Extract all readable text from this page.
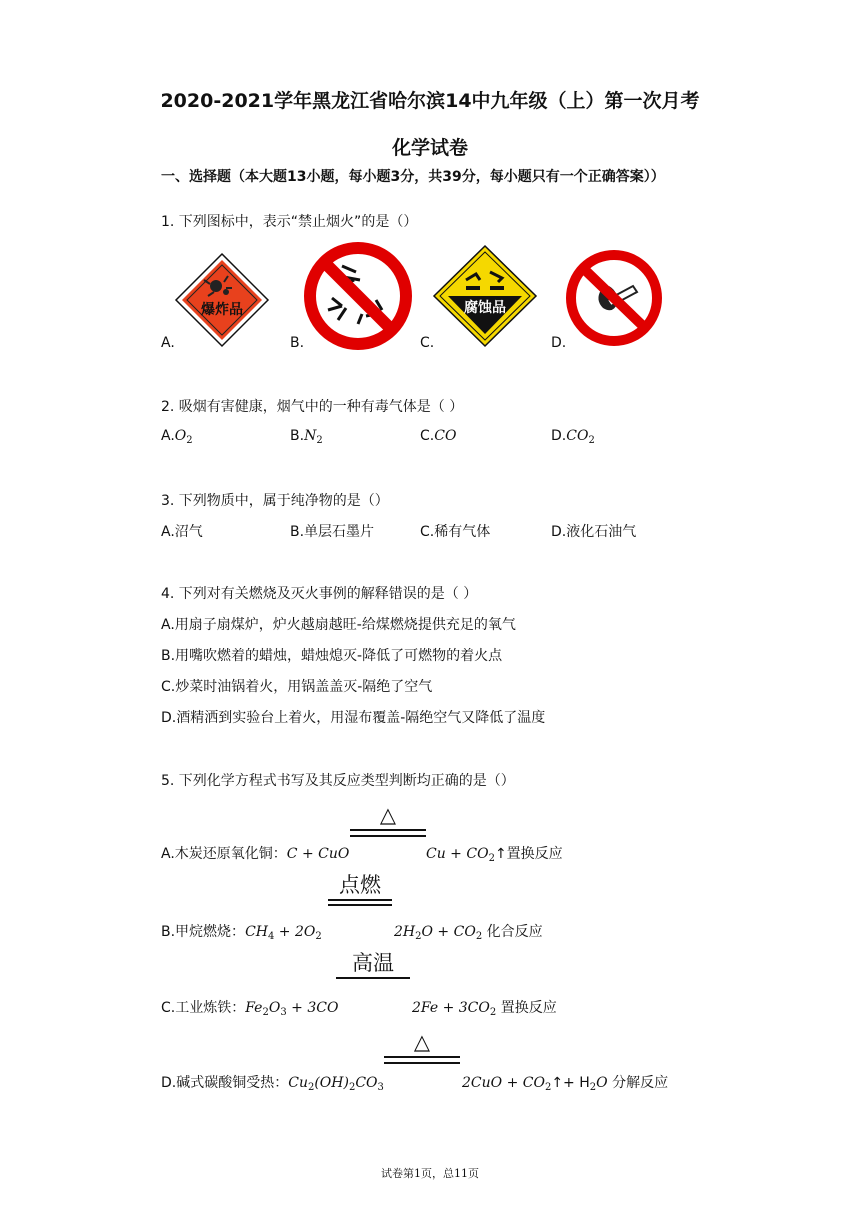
2020-2021学年黑龙江省哈尔滨14中九年级（上）第一次月考
化学试卷
一、选择题（本大题13小题，每小题3分，共39分，每小题只有一个正确答案））
1. 下列图标中，表示“禁止烟火”的是（）
爆炸品
A.	B.
腐蚀品
C.	D.
2. 吸烟有害健康，烟气中的一种有毒气体是（ ）
$A.O_2$	$B.N_2$	C.CO	$D.CO_2$
3. 下列物质中，属于纯净物的是（）
A.沼气	B.单层石墨片	C.稀有气体	D.液化石油气
4. 下列对有关燃烧及灭火事例的解释错误的是（ ）
A.用扇子扇煤炉，炉火越扇越旺-给煤燃烧提供充足的氧气
B.用嘴吹燃着的蜡烛，蜡烛熄灭-降低了可燃物的着火点
C.炒菜时油锅着火，用锅盖盖灭-隔绝了空气
D.酒精洒到实验台上着火，用湿布覆盖-隔绝空气又降低了温度
5. 下列化学方程式书写及其反应类型判断均正确的是（）
△
A.木炭还原氧化铜：C + CuO	$Cu + CO_2↑$置换反应
点燃
B.甲烷燃烧：$CH_4 + 2O_2$	$2H_2O + CO_2$ 化合反应
高温
C.工业炼铁：$Fe_2O_3 + 3CO$	$2Fe + 3CO_2$ 置换反应
△
D.碱式碳酸铜受热：$Cu_2(OH)_2CO_3$	$2CuO + CO_2↑+ H_2O$ 分解反应
试卷第1页，总11页
